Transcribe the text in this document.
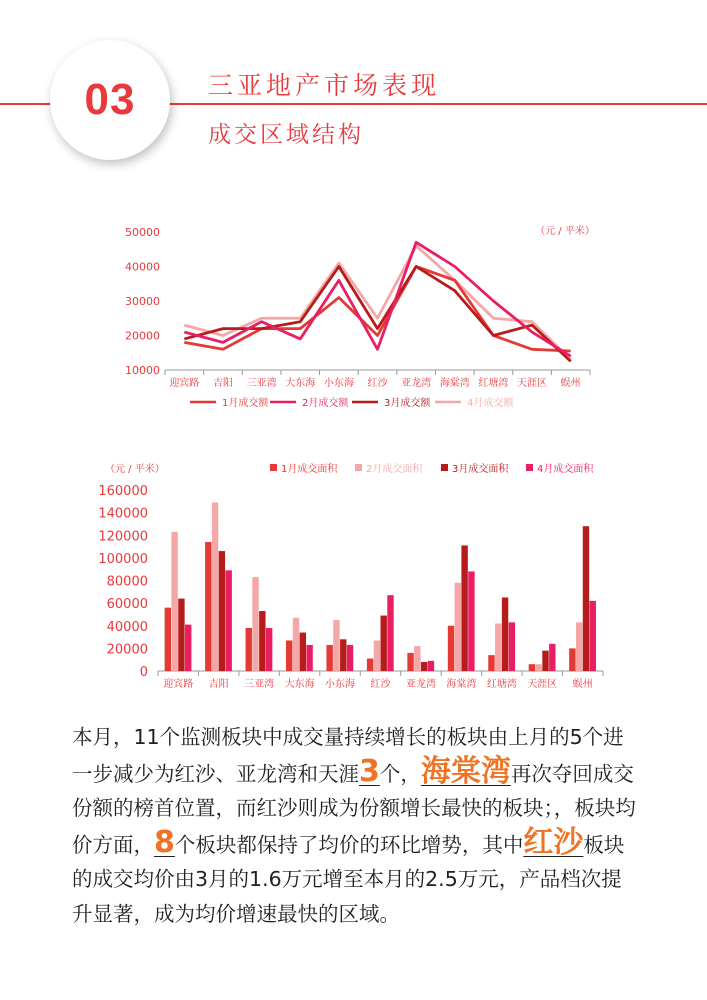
03	三亚地产市场表现
成交区域结构
50000
40000
30000
20000
10000
（元 / 平米）
迎宾路 吉阳 三亚湾 大东海 小东海 红沙 亚龙湾 海棠湾 红塘湾 天涯区 蜈州
1月成交额	2月成交额	3月成交额	4月成交额
（元 / 平米）
160000
140000
120000
100000
80000
60000
40000
20000
0
迎宾路 吉阳 三亚湾 大东海 小东海 红沙 亚龙湾 海棠湾 红塘湾 天涯区 蜈州
1月成交面积	2月成交面积	3月成交面积	4月成交面积
本月，11个监测板块中成交量持续增长的板块由上月的5个进一步减少为红沙、亚龙湾和天涯3个，海棠湾再次夺回成交份额的榜首位置，而红沙则成为份额增长最快的板块；，板块均价方面，8个板块都保持了均价的环比增势，其中红沙板块的成交均价由3月的1.6万元增至本月的2.5万元，产品档次提升显著，成为均价增速最快的区域。
